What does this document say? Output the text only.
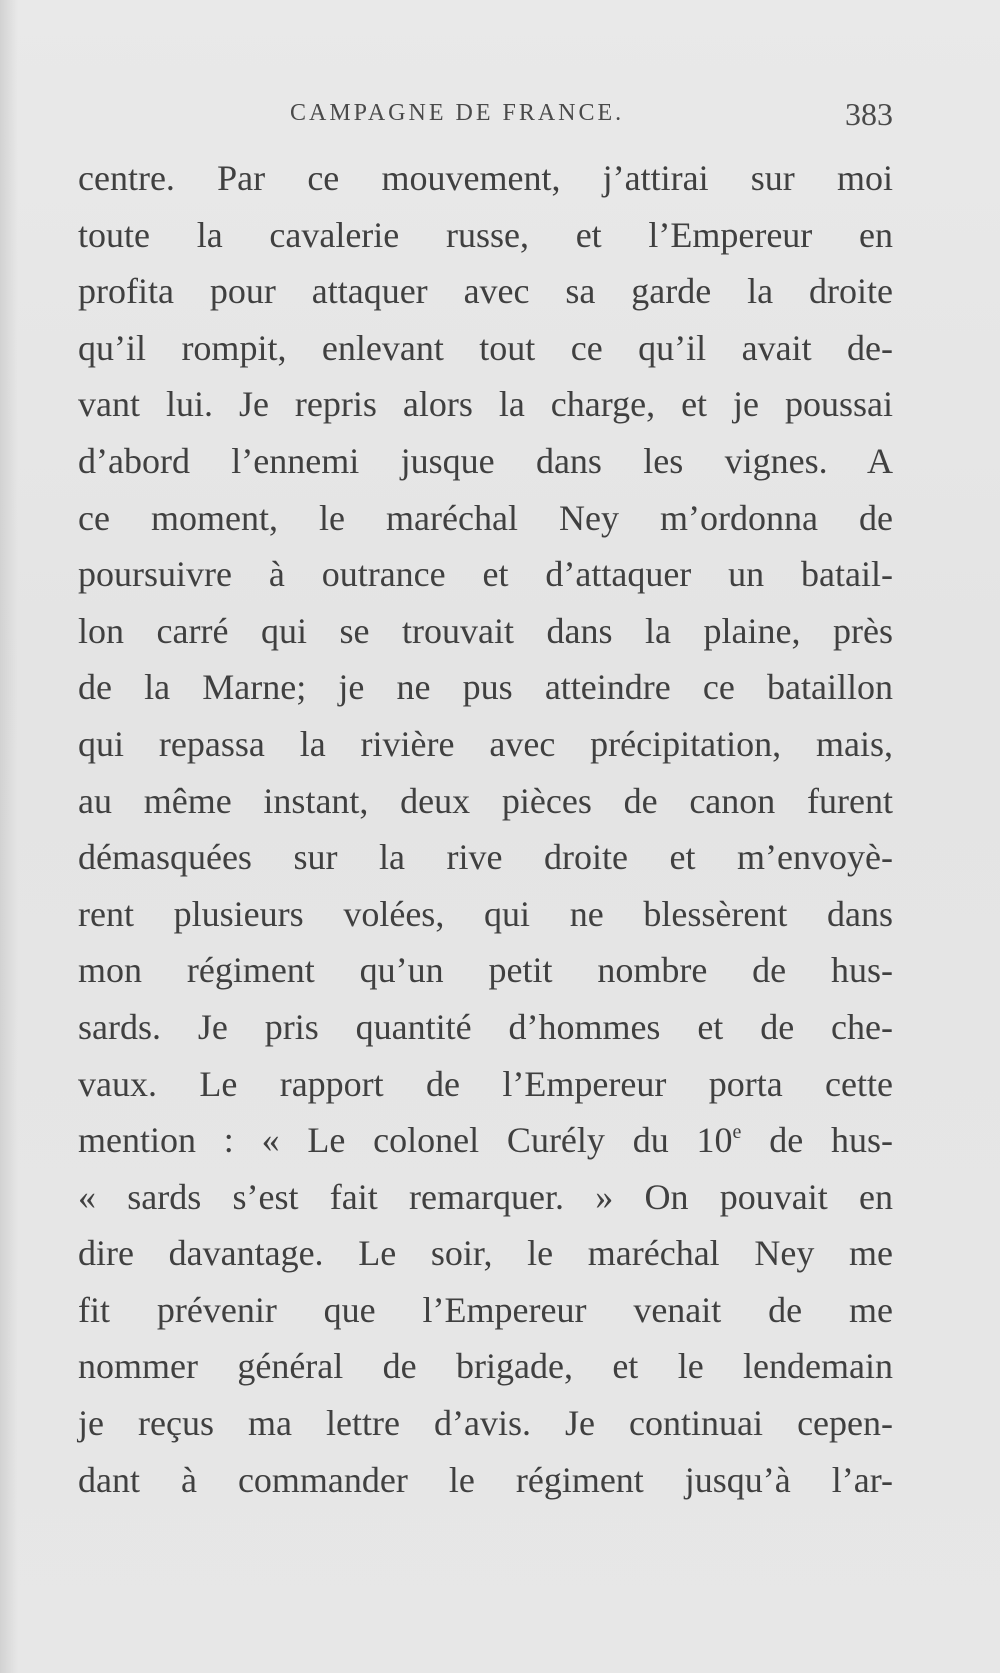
CAMPAGNE DE FRANCE.	383
centre. Par ce mouvement, j’attirai sur moi
toute la cavalerie russe, et l’Empereur en
profita pour attaquer avec sa garde la droite
qu’il rompit, enlevant tout ce qu’il avait de-
vant lui. Je repris alors la charge, et je poussai
d’abord l’ennemi jusque dans les vignes. A
ce moment, le maréchal Ney m’ordonna de
poursuivre à outrance et d’attaquer un batail-
lon carré qui se trouvait dans la plaine, près
de la Marne; je ne pus atteindre ce bataillon
qui repassa la rivière avec précipitation, mais,
au même instant, deux pièces de canon furent
démasquées sur la rive droite et m’envoyè-
rent plusieurs volées, qui ne blessèrent dans
mon régiment qu’un petit nombre de hus-
sards. Je pris quantité d’hommes et de che-
vaux. Le rapport de l’Empereur porta cette
mention : « Le colonel Curély du 10e de hus-
« sards s’est fait remarquer. » On pouvait en
dire davantage. Le soir, le maréchal Ney me
fit prévenir que l’Empereur venait de me
nommer général de brigade, et le lendemain
je reçus ma lettre d’avis. Je continuai cepen-
dant à commander le régiment jusqu’à l’ar-
